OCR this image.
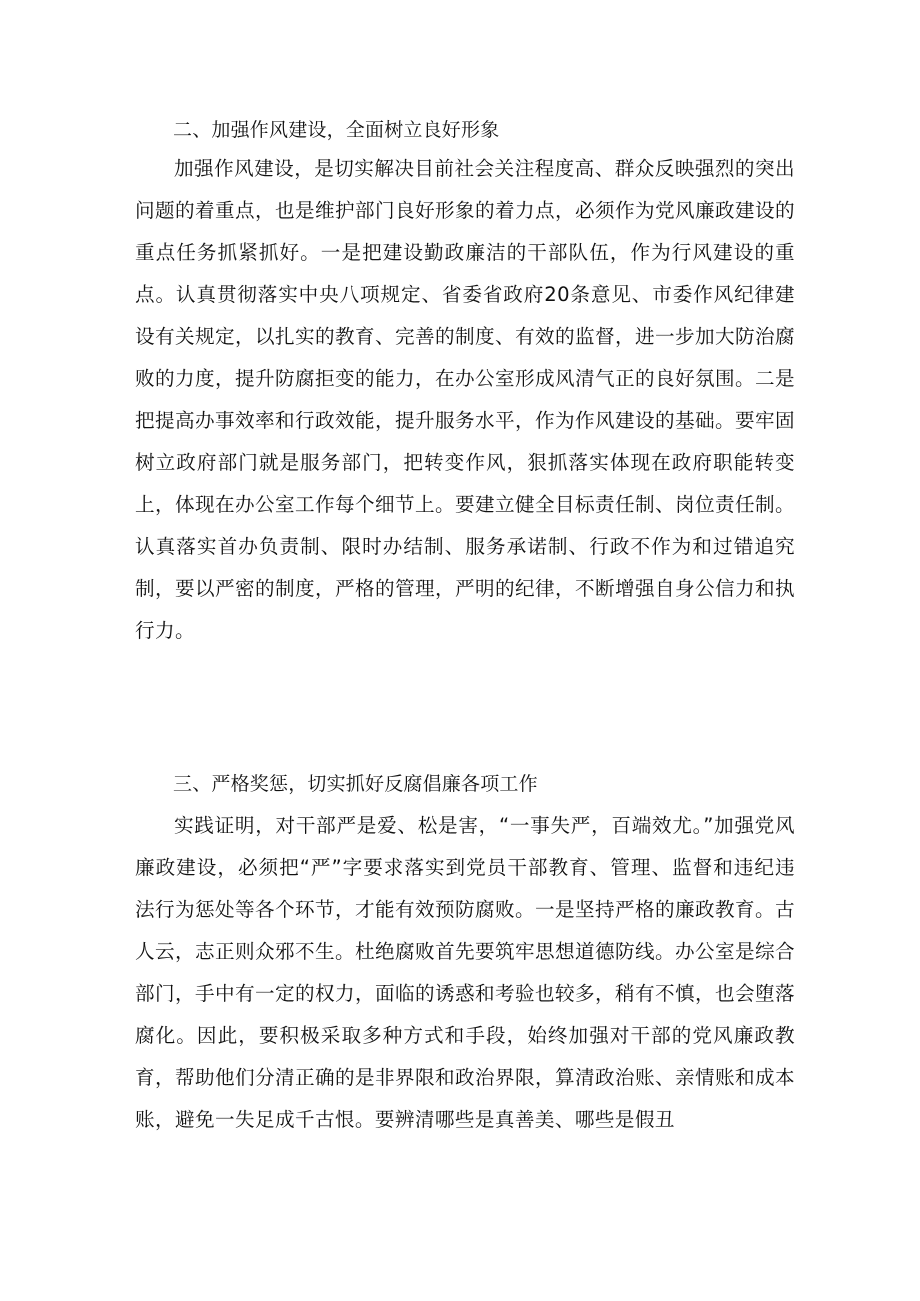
二、加强作风建设，全面树立良好形象

加强作风建设，是切实解决目前社会关注程度高、群众反映强烈的突出问题的着重点，也是维护部门良好形象的着力点，必须作为党风廉政建设的重点任务抓紧抓好。一是把建设勤政廉洁的干部队伍，作为行风建设的重点。认真贯彻落实中央八项规定、省委省政府20条意见、市委作风纪律建设有关规定，以扎实的教育、完善的制度、有效的监督，进一步加大防治腐败的力度，提升防腐拒变的能力，在办公室形成风清气正的良好氛围。二是把提高办事效率和行政效能，提升服务水平，作为作风建设的基础。要牢固树立政府部门就是服务部门，把转变作风，狠抓落实体现在政府职能转变上，体现在办公室工作每个细节上。要建立健全目标责任制、岗位责任制。认真落实首办负责制、限时办结制、服务承诺制、行政不作为和过错追究制，要以严密的制度，严格的管理，严明的纪律，不断增强自身公信力和执行力。

三、严格奖惩，切实抓好反腐倡廉各项工作

实践证明，对干部严是爱、松是害，“一事失严，百端效尤。”加强党风廉政建设，必须把“严”字要求落实到党员干部教育、管理、监督和违纪违法行为惩处等各个环节，才能有效预防腐败。一是坚持严格的廉政教育。古人云，志正则众邪不生。杜绝腐败首先要筑牢思想道德防线。办公室是综合部门，手中有一定的权力，面临的诱惑和考验也较多，稍有不慎，也会堕落腐化。因此，要积极采取多种方式和手段，始终加强对干部的党风廉政教育，帮助他们分清正确的是非界限和政治界限，算清政治账、亲情账和成本账，避免一失足成千古恨。要辨清哪些是真善美、哪些是假丑
